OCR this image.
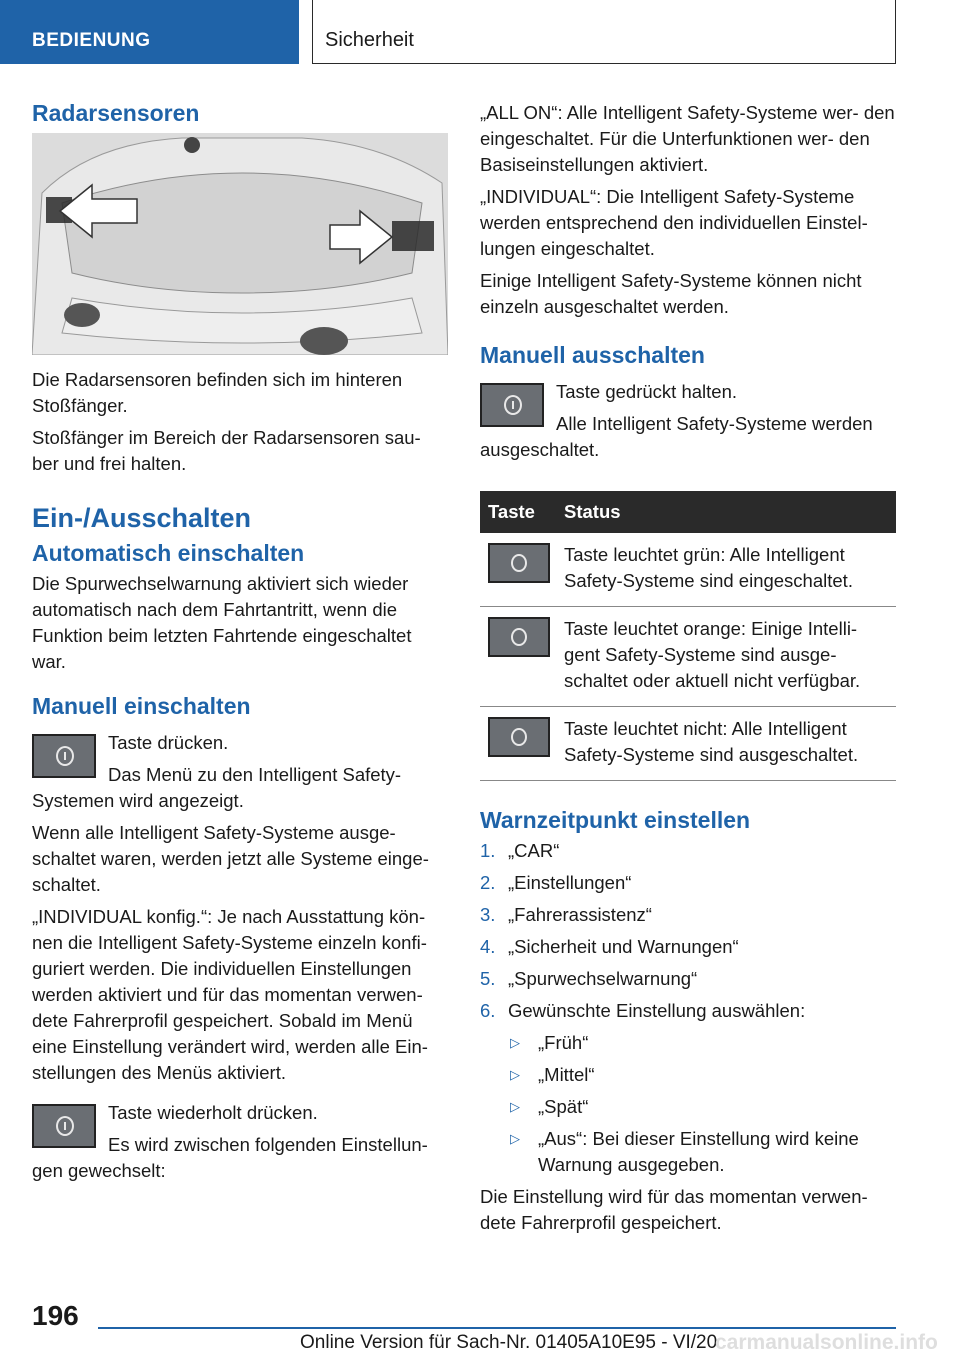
BEDIENUNG	Sicherheit
Radarsensoren

Die Radarsensoren befinden sich im hinteren Stoßfänger.

Stoßfänger im Bereich der Radarsensoren sau- ber und frei halten.

Ein-/Ausschalten
Automatisch einschalten

Die Spurwechselwarnung aktiviert sich wieder automatisch nach dem Fahrtantritt, wenn die Funktion beim letzten Fahrtende eingeschaltet war.

Manuell einschalten

Taste drücken.

Das Menü zu den Intelligent Safety- Systemen wird angezeigt.

Wenn alle Intelligent Safety-Systeme ausge- schaltet waren, werden jetzt alle Systeme einge- schaltet.

„INDIVIDUAL konfig.“: Je nach Ausstattung kön- nen die Intelligent Safety-Systeme einzeln konfi- guriert werden. Die individuellen Einstellungen werden aktiviert und für das momentan verwen- dete Fahrerprofil gespeichert. Sobald im Menü eine Einstellung verändert wird, werden alle Ein- stellungen des Menüs aktiviert.

Taste wiederholt drücken.

Es wird zwischen folgenden Einstellun- gen gewechselt:

„ALL ON“: Alle Intelligent Safety-Systeme wer- den eingeschaltet. Für die Unterfunktionen wer- den Basiseinstellungen aktiviert.

„INDIVIDUAL“: Die Intelligent Safety-Systeme werden entsprechend den individuellen Einstel- lungen eingeschaltet.

Einige Intelligent Safety-Systeme können nicht einzeln ausgeschaltet werden.

Manuell ausschalten

Taste gedrückt halten.

Alle Intelligent Safety-Systeme werden ausgeschaltet.

Taste	Status

	Taste leuchtet grün: Alle Intelligent Safety-Systeme sind eingeschaltet.

	Taste leuchtet orange: Einige Intelli- gent Safety-Systeme sind ausge- schaltet oder aktuell nicht verfügbar.

	Taste leuchtet nicht: Alle Intelligent Safety-Systeme sind ausgeschaltet.
Warnzeitpunkt einstellen
1. „CAR“
2. „Einstellungen“
3. „Fahrerassistenz“
4. „Sicherheit und Warnungen“
5. „Spurwechselwarnung“
6. Gewünschte Einstellung auswählen:
▷ „Früh“
▷ „Mittel“
▷ „Spät“
▷ „Aus“: Bei dieser Einstellung wird keine Warnung ausgegeben.

Die Einstellung wird für das momentan verwen- dete Fahrerprofil gespeichert.

196
Online Version für Sach-Nr. 01405A10E95 - VI/20
carmanualsonline.info
